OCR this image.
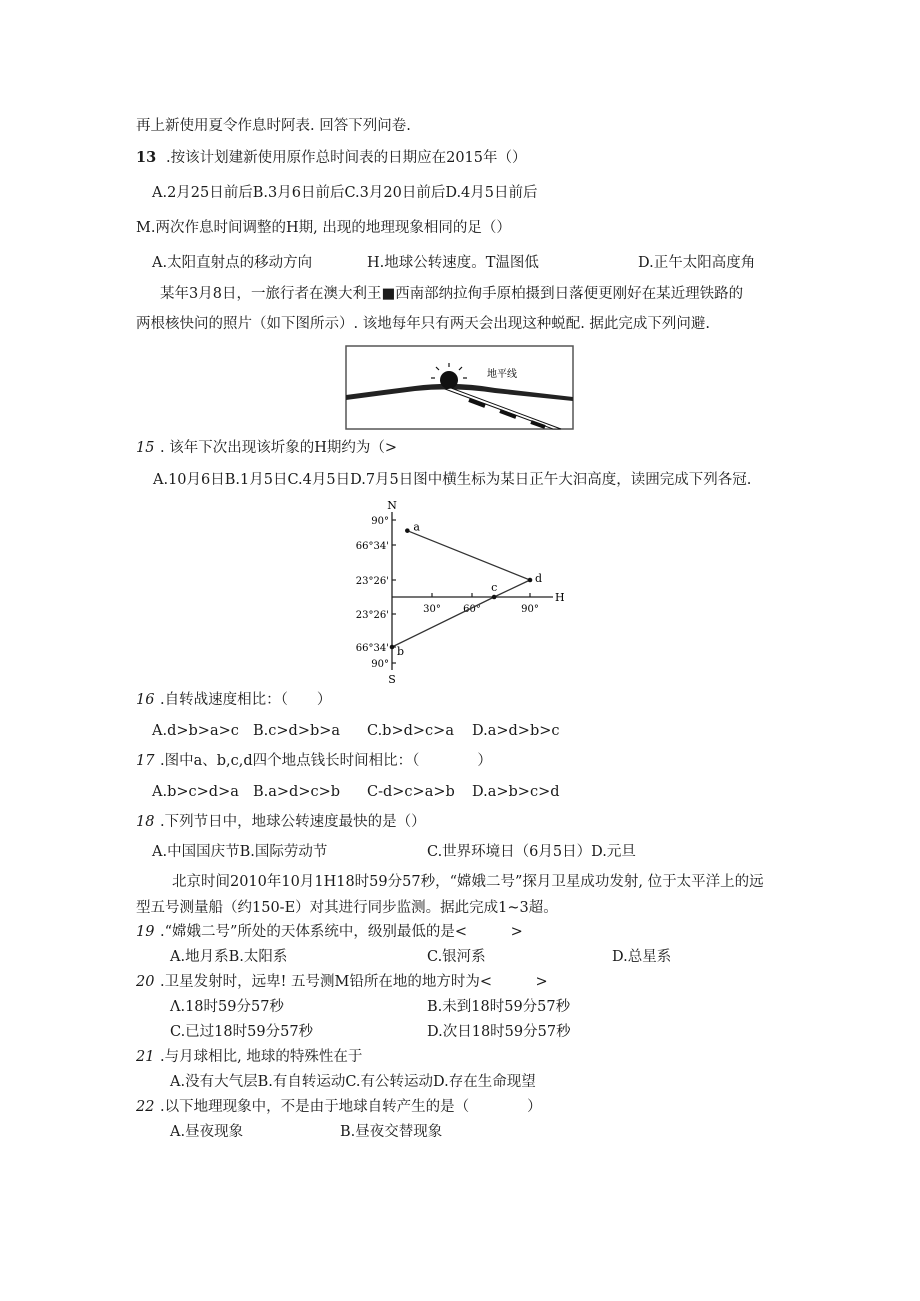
再上新使用夏令作息时阿表. 回答下列问卷.
13 .按该计划建新使用原作总时间表的日期应在2015年（）
A.2月25日前后B.3月6日前后C.3月20日前后D.4月5日前后
M.两次作息时间调整的H期, 出现的地理现象相同的足（）
A.太阳直射点的移动方向	H.地球公转速度。T温图低	D.正午太阳高度角
某年3月8日，一旅行者在澳大利王■西南部纳拉侚手原柏摄到日落便更刚好在某近理铁路的
两根核快问的照片（如下图所示）. 该地每年只有两天会出现这种蜕配. 据此完成下列问避.
地平线
15 . 该年下次出现该圻象的H期约为（>
A.10月6日B.1月5日C.4月5日D.7月5日图中横生标为某日正午大汩高度，读囲完成下列各冠.
N
S
H
90°
66°34'
23°26'
23°26'
66°34'
90°
30° 60°	90°
a
d
c
b
16 .自转战速度相比：（　　）
A.d>b>a>c B.c>d>b>a C.b>d>c>a D.a>d>b>c
17 .图中a、b,c,d四个地点钱长时间相比：（　　　　）
A.b>c>d>a B.a>d>c>b C-d>c>a>b D.a>b>c>d
18 .下列节日中，地球公转速度最快的是（）
A.中国国庆节B.国际劳动节	C.世界环境日（6月5日）D.元旦
北京时间2010年10月1H18时59分57秒，“嫦娥二号”探月卫星成功发射, 位于太平洋上的远
型五号测量船（约150-E）对其进行同步监测。据此完成1~3超。
19 .“嫦娥二号”所处的天体系统中，级别最低的是<　　　>
A.地月系B.太阳系	C.银河系	D.总星系
20 .卫星发射时，远卑! 五号测M铅所在地的地方时为<　　　>
Λ.18时59分57秒	B.未到18时59分57秒
C.已过18时59分57秒	D.次日18时59分57秒
21 .与月球相比, 地球的特殊性在于
A.没有大气层B.有自转运动C.有公转运动D.存在生命现望
22 .以下地理现象中，不是由于地球自转产生的是（　　　　）
A.昼夜现象	B.昼夜交替现象
